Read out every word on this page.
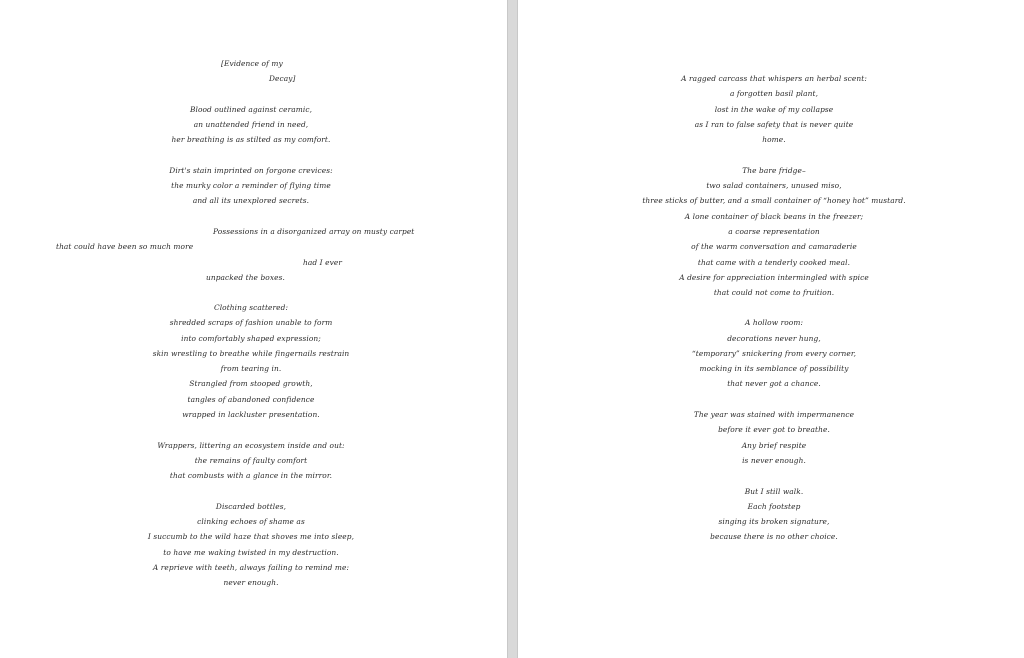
[Evidence of my

Decay]

Blood outlined against ceramic,

an unattended friend in need,

her breathing is as stilted as my comfort.

Dirt's stain imprinted on forgone crevices:

the murky color a reminder of flying time

and all its unexplored secrets.

Possessions in a disorganized array on musty carpet

that could have been so much more

had I ever

unpacked the boxes.

Clothing scattered:

shredded scraps of fashion unable to form

into comfortably shaped expression;

skin wrestling to breathe while fingernails restrain

from tearing in.

Strangled from stooped growth,

tangles of abandoned confidence

wrapped in lackluster presentation.

Wrappers, littering an ecosystem inside and out:

the remains of faulty comfort

that combusts with a glance in the mirror.

Discarded bottles,

clinking echoes of shame as

I succumb to the wild haze that shoves me into sleep,

to have me waking twisted in my destruction.

A reprieve with teeth, always failing to remind me:

never enough.

A ragged carcass that whispers an herbal scent:

a forgotten basil plant,

lost in the wake of my collapse

as I ran to false safety that is never quite

home.

The bare fridge–

two salad containers, unused miso,

three sticks of butter, and a small container of “honey hot” mustard.

A lone container of black beans in the freezer;

a coarse representation

of the warm conversation and camaraderie

that came with a tenderly cooked meal.

A desire for appreciation intermingled with spice

that could not come to fruition.

A hollow room:

decorations never hung,

“temporary” snickering from every corner,

mocking in its semblance of possibility

that never got a chance.

The year was stained with impermanence

before it ever got to breathe.

Any brief respite

is never enough.

But I still walk.

Each footstep

singing its broken signature,

because there is no other choice.
